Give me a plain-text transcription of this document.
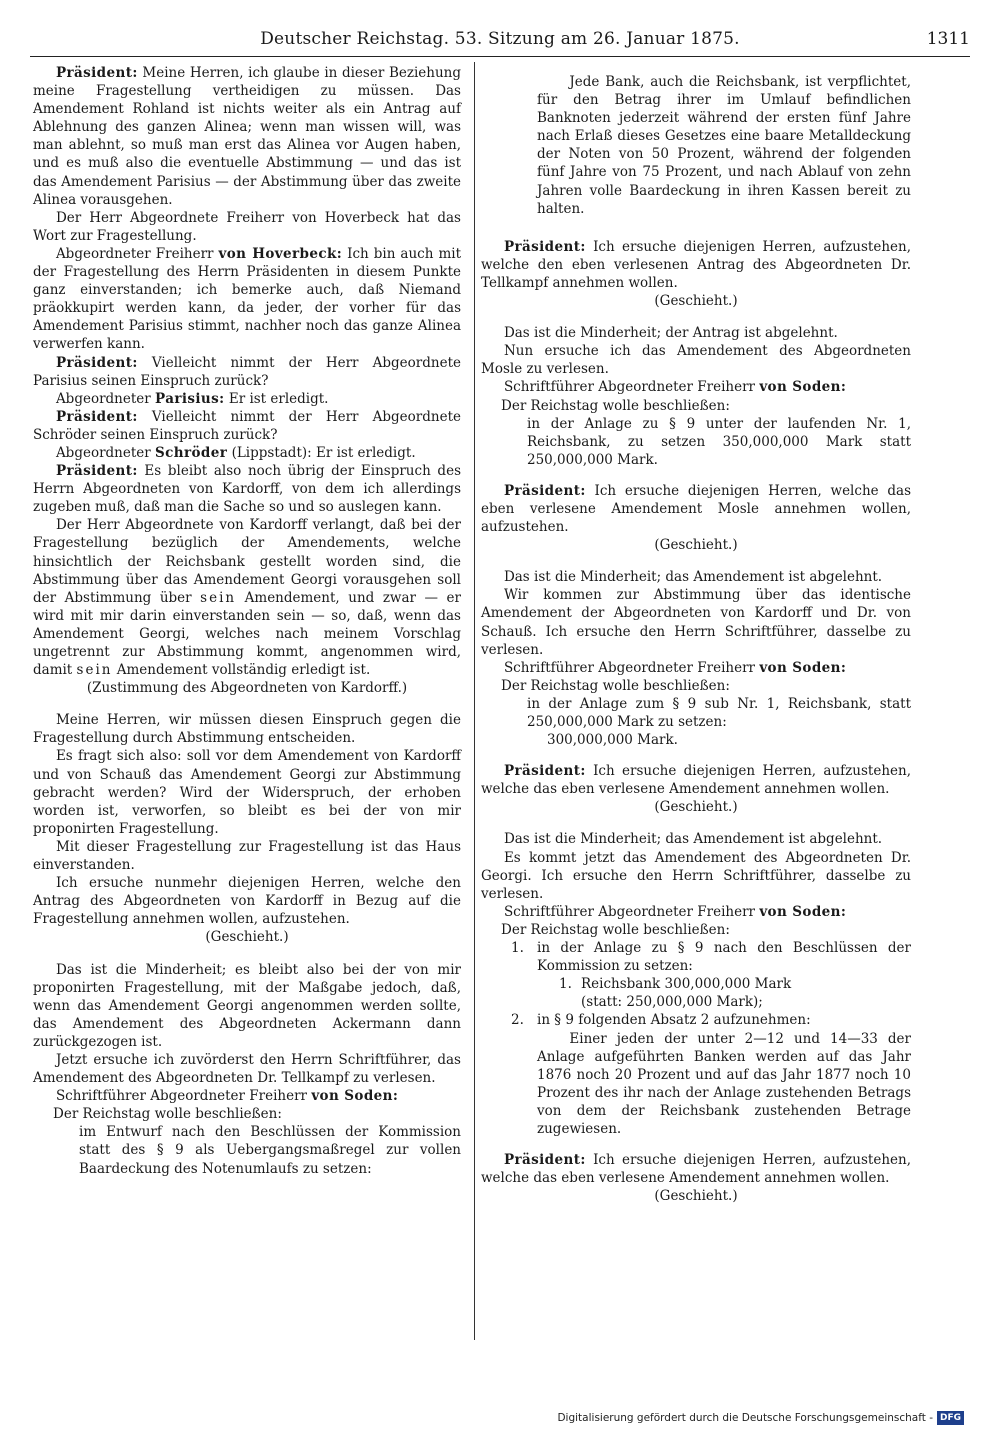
Deutscher Reichstag. 53. Sitzung am 26. Januar 1875.	1311

Präsident: Meine Herren, ich glaube in dieser Beziehung meine Fragestellung vertheidigen zu müssen. Das Amendement Rohland ist nichts weiter als ein Antrag auf Ablehnung des ganzen Alinea; wenn man wissen will, was man ablehnt, so muß man erst das Alinea vor Augen haben, und es muß also die eventuelle Abstimmung — und das ist das Amendement Parisius — der Abstimmung über das zweite Alinea vorausgehen.

Der Herr Abgeordnete Freiherr von Hoverbeck hat das Wort zur Fragestellung.

Abgeordneter Freiherr von Hoverbeck: Ich bin auch mit der Fragestellung des Herrn Präsidenten in diesem Punkte ganz einverstanden; ich bemerke auch, daß Niemand präokkupirt werden kann, da jeder, der vorher für das Amendement Parisius stimmt, nachher noch das ganze Alinea verwerfen kann.

Präsident: Vielleicht nimmt der Herr Abgeordnete Parisius seinen Einspruch zurück?

Abgeordneter Parisius: Er ist erledigt.

Präsident: Vielleicht nimmt der Herr Abgeordnete Schröder seinen Einspruch zurück?

Abgeordneter Schröder (Lippstadt): Er ist erledigt.

Präsident: Es bleibt also noch übrig der Einspruch des Herrn Abgeordneten von Kardorff, von dem ich allerdings zugeben muß, daß man die Sache so und so auslegen kann.

Der Herr Abgeordnete von Kardorff verlangt, daß bei der Fragestellung bezüglich der Amendements, welche hinsichtlich der Reichsbank gestellt worden sind, die Abstimmung über das Amendement Georgi vorausgehen soll der Abstimmung über sein Amendement, und zwar — er wird mit mir darin einverstanden sein — so, daß, wenn das Amendement Georgi, welches nach meinem Vorschlag ungetrennt zur Abstimmung kommt, angenommen wird, damit sein Amendement vollständig erledigt ist.

(Zustimmung des Abgeordneten von Kardorff.)

Meine Herren, wir müssen diesen Einspruch gegen die Fragestellung durch Abstimmung entscheiden.

Es fragt sich also: soll vor dem Amendement von Kardorff und von Schauß das Amendement Georgi zur Abstimmung gebracht werden? Wird der Widerspruch, der erhoben worden ist, verworfen, so bleibt es bei der von mir proponirten Fragestellung.

Mit dieser Fragestellung zur Fragestellung ist das Haus einverstanden.

Ich ersuche nunmehr diejenigen Herren, welche den Antrag des Abgeordneten von Kardorff in Bezug auf die Fragestellung annehmen wollen, aufzustehen.

(Geschieht.)

Das ist die Minderheit; es bleibt also bei der von mir proponirten Fragestellung, mit der Maßgabe jedoch, daß, wenn das Amendement Georgi angenommen werden sollte, das Amendement des Abgeordneten Ackermann dann zurückgezogen ist.

Jetzt ersuche ich zuvörderst den Herrn Schriftführer, das Amendement des Abgeordneten Dr. Tellkampf zu verlesen.

Schriftführer Abgeordneter Freiherr von Soden:

Der Reichstag wolle beschließen:

im Entwurf nach den Beschlüssen der Kommission statt des § 9 als Uebergangsmaßregel zur vollen Baardeckung des Notenumlaufs zu setzen:

Jede Bank, auch die Reichsbank, ist verpflichtet, für den Betrag ihrer im Umlauf befindlichen Banknoten jederzeit während der ersten fünf Jahre nach Erlaß dieses Gesetzes eine baare Metalldeckung der Noten von 50 Prozent, während der folgenden fünf Jahre von 75 Prozent, und nach Ablauf von zehn Jahren volle Baardeckung in ihren Kassen bereit zu halten.

Präsident: Ich ersuche diejenigen Herren, aufzustehen, welche den eben verlesenen Antrag des Abgeordneten Dr. Tellkampf annehmen wollen.

(Geschieht.)

Das ist die Minderheit; der Antrag ist abgelehnt.

Nun ersuche ich das Amendement des Abgeordneten Mosle zu verlesen.

Schriftführer Abgeordneter Freiherr von Soden:

Der Reichstag wolle beschließen:

in der Anlage zu § 9 unter der laufenden Nr. 1, Reichsbank, zu setzen 350,000,000 Mark statt 250,000,000 Mark.

Präsident: Ich ersuche diejenigen Herren, welche das eben verlesene Amendement Mosle annehmen wollen, aufzustehen.

(Geschieht.)

Das ist die Minderheit; das Amendement ist abgelehnt.

Wir kommen zur Abstimmung über das identische Amendement der Abgeordneten von Kardorff und Dr. von Schauß. Ich ersuche den Herrn Schriftführer, dasselbe zu verlesen.

Schriftführer Abgeordneter Freiherr von Soden:

Der Reichstag wolle beschließen:

in der Anlage zum § 9 sub Nr. 1, Reichsbank, statt 250,000,000 Mark zu setzen:

300,000,000 Mark.

Präsident: Ich ersuche diejenigen Herren, aufzustehen, welche das eben verlesene Amendement annehmen wollen.

(Geschieht.)

Das ist die Minderheit; das Amendement ist abgelehnt.

Es kommt jetzt das Amendement des Abgeordneten Dr. Georgi. Ich ersuche den Herrn Schriftführer, dasselbe zu verlesen.

Schriftführer Abgeordneter Freiherr von Soden:

Der Reichstag wolle beschließen:

1. in der Anlage zu § 9 nach den Beschlüssen der Kommission zu setzen:

1. Reichsbank 300,000,000 Mark

(statt: 250,000,000 Mark);

2. in § 9 folgenden Absatz 2 aufzunehmen:

Einer jeden der unter 2—12 und 14—33 der Anlage aufgeführten Banken werden auf das Jahr 1876 noch 20 Prozent und auf das Jahr 1877 noch 10 Prozent des ihr nach der Anlage zustehenden Betrags von dem der Reichsbank zustehenden Betrage zugewiesen.

Präsident: Ich ersuche diejenigen Herren, aufzustehen, welche das eben verlesene Amendement annehmen wollen.

(Geschieht.)

Digitalisierung gefördert durch die Deutsche Forschungsgemeinschaft - DFG
